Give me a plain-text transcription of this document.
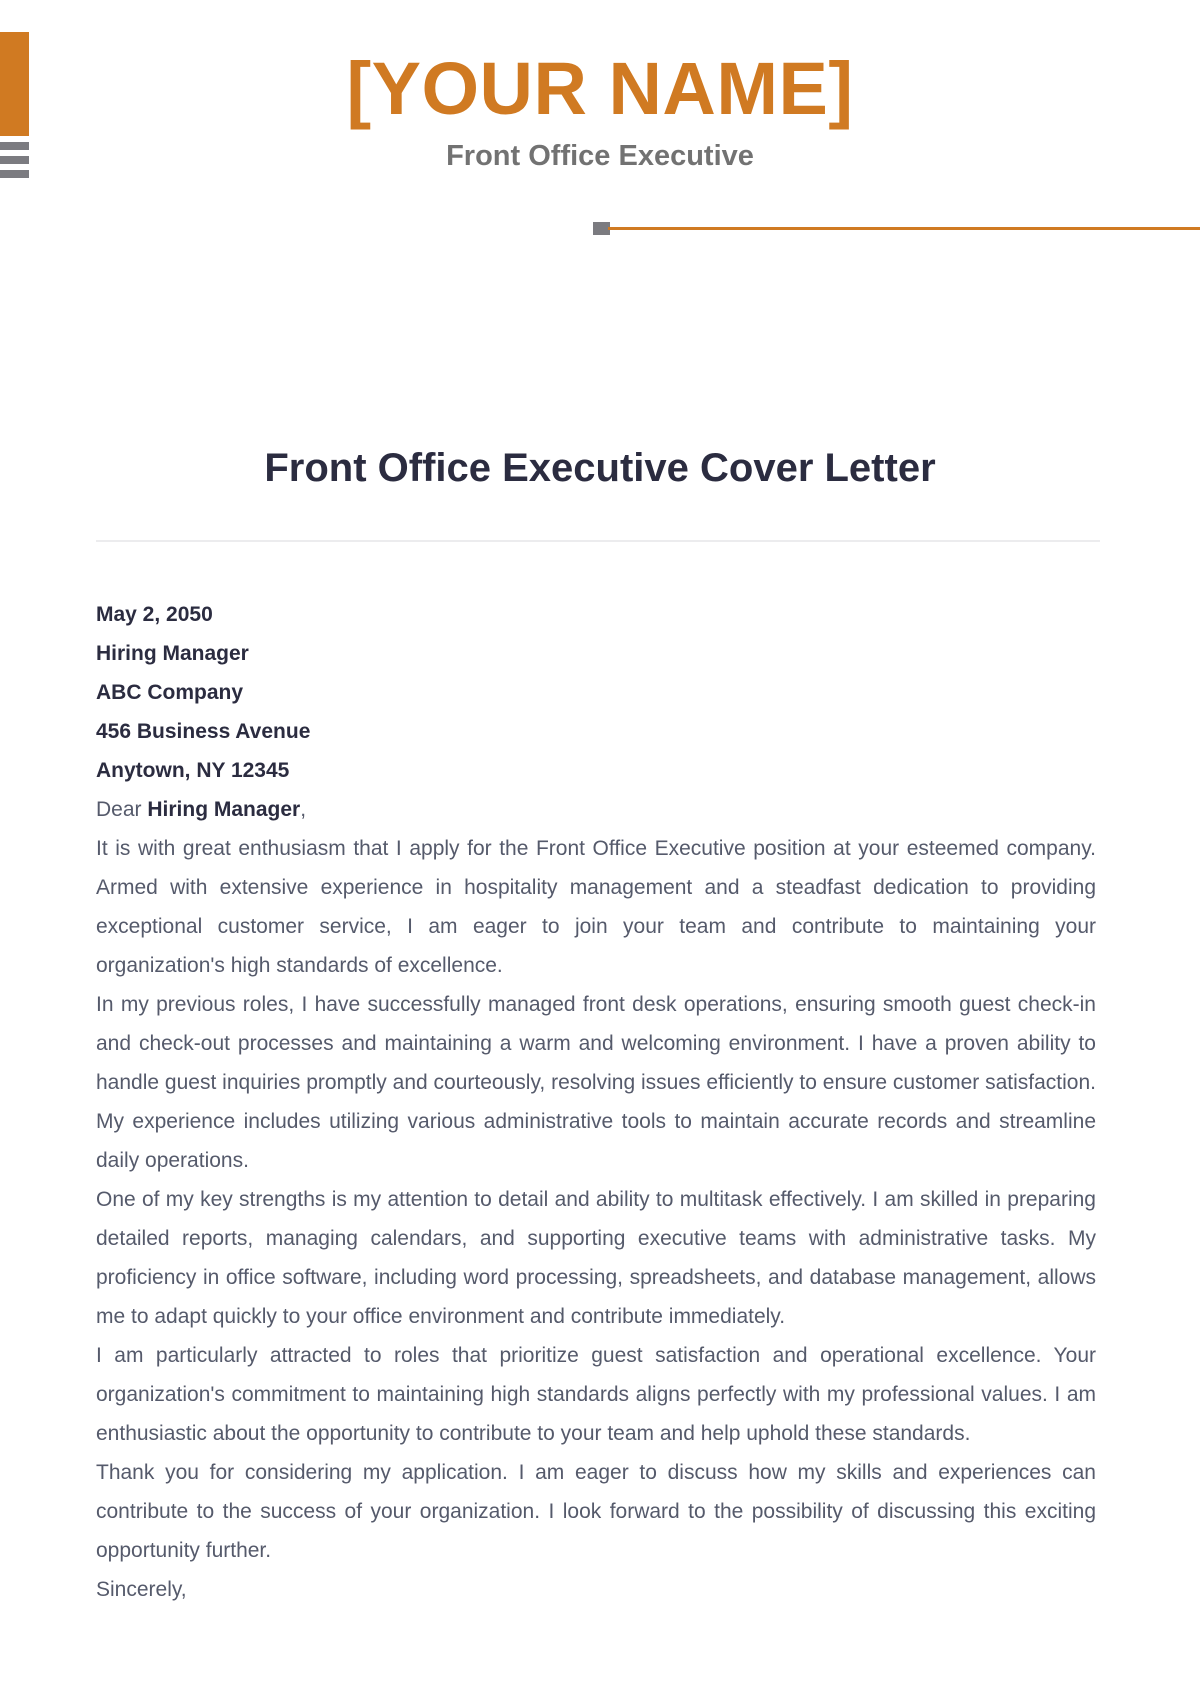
[YOUR NAME]
Front Office Executive
Front Office Executive Cover Letter
May 2, 2050
Hiring Manager
ABC Company
456 Business Avenue
Anytown, NY 12345
Dear Hiring Manager,

It is with great enthusiasm that I apply for the Front Office Executive position at your esteemed company. Armed with extensive experience in hospitality management and a steadfast dedication to providing exceptional customer service, I am eager to join your team and contribute to maintaining your organization's high standards of excellence.

In my previous roles, I have successfully managed front desk operations, ensuring smooth guest check-in and check-out processes and maintaining a warm and welcoming environment. I have a proven ability to handle guest inquiries promptly and courteously, resolving issues efficiently to ensure customer satisfaction. My experience includes utilizing various administrative tools to maintain accurate records and streamline daily operations.

One of my key strengths is my attention to detail and ability to multitask effectively. I am skilled in preparing detailed reports, managing calendars, and supporting executive teams with administrative tasks. My proficiency in office software, including word processing, spreadsheets, and database management, allows me to adapt quickly to your office environment and contribute immediately.

I am particularly attracted to roles that prioritize guest satisfaction and operational excellence. Your organization's commitment to maintaining high standards aligns perfectly with my professional values. I am enthusiastic about the opportunity to contribute to your team and help uphold these standards.

Thank you for considering my application. I am eager to discuss how my skills and experiences can contribute to the success of your organization. I look forward to the possibility of discussing this exciting opportunity further.

Sincerely,
